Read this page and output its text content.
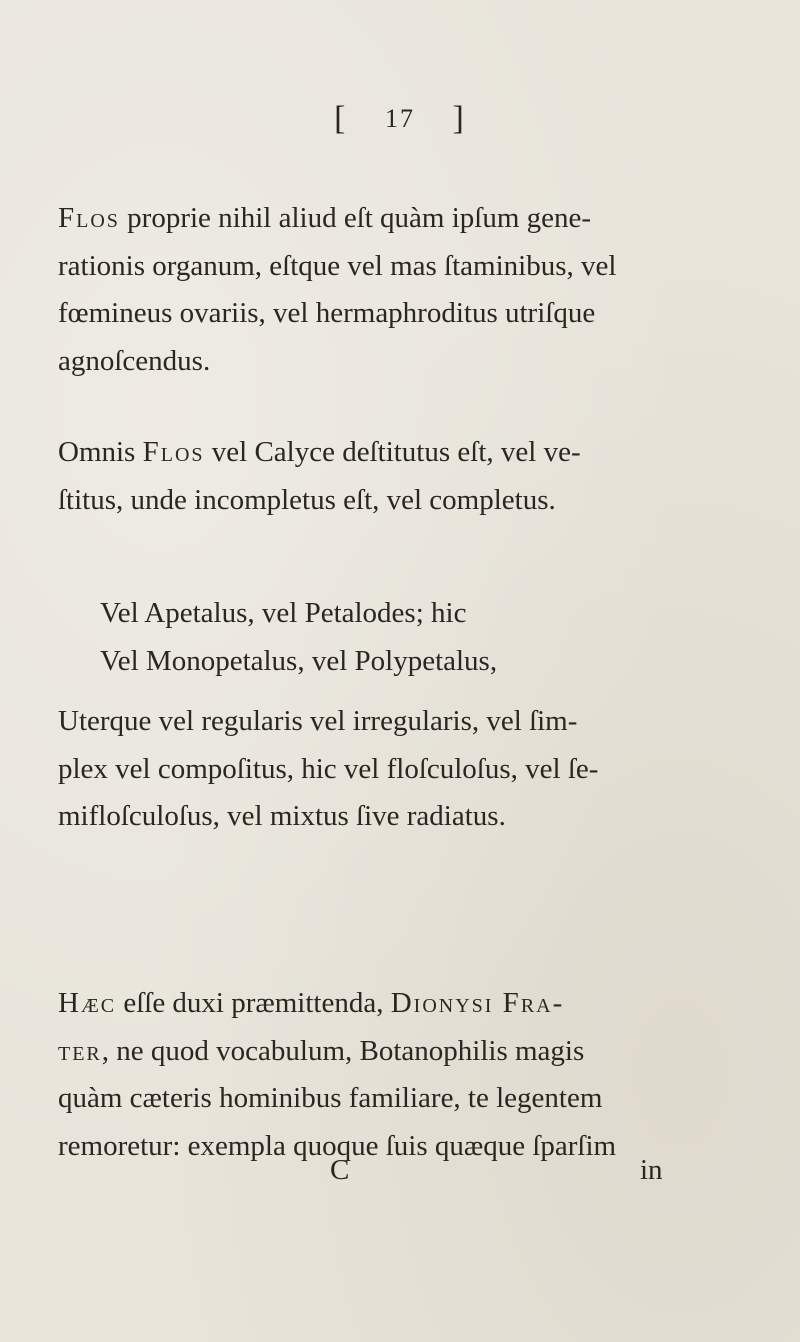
[ 17 ]
Flos proprie nihil aliud eſt quàm ipſum gene-
rationis organum, eſtque vel mas ſtaminibus, vel
fœmineus ovariis, vel hermaphroditus utriſque
agnoſcendus.
Omnis Flos vel Calyce deſtitutus eſt, vel ve-
ſtitus, unde incompletus eſt, vel completus.
Vel Apetalus, vel Petalodes; hic
Vel Monopetalus, vel Polypetalus,
Uterque vel regularis vel irregularis, vel ſim-
plex vel compoſitus, hic vel floſculoſus, vel ſe-
mifloſculoſus, vel mixtus ſive radiatus.
Hæc eſſe duxi præmittenda, Dionysi Fra-
ter, ne quod vocabulum, Botanophilis magis
quàm cæteris hominibus familiare, te legentem
remoretur: exempla quoque ſuis quæque ſparſim
C	in
